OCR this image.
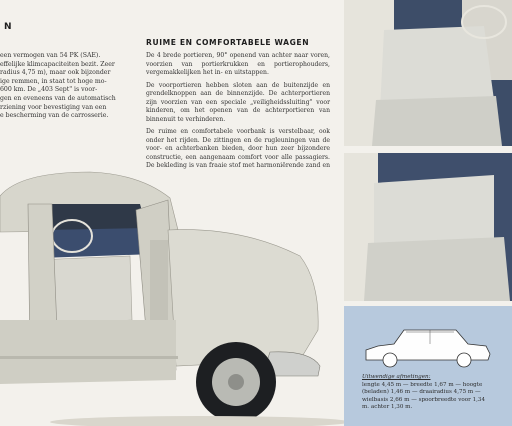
N
een vermogen van 54 PK (SAE).
effelijke klimcapaciteiten bezit. Zeer
radius 4,75 m), maar ook bijzonder
ige remmen, in staat tot hoge mo-
600 km. De „403 Sept" is voor-
gen en eveneens van de automatisch
rziening voor bevestiging van een
e bescherming van de carrosserie.
RUIME EN COMFORTABELE WAGEN

De 4 brede portieren, 90° openend van achter naar voren, voorzien van portierkrukken en portierophouders, vergemakkelijken het in- en uitstappen.

De voorportieren hebben sloten aan de buitenzijde en grendelknoppen aan de binnenzijde. De achterportieren zijn voorzien van een speciale „veiligheidssluiting" voor kinderen, om het openen van de achterportieren van binnenuit te verhinderen.

De ruime en comfortabele voorbank is verstelbaar, ook onder het rijden. De zittingen en de rugleuningen van de voor- en achterbanken bieden, door hun zeer bijzondere constructie, een aangenaam comfort voor alle passagiers. De bekleding is van fraaie stof met harmoniërende zand en

Uitwendige afmetingen:
lengte 4,45 m — breedte 1,67 m — hoogte
(beladen) 1,46 m — draairadius 4,75 m —
wielbasis 2,66 m — spoorbreedte voor 1,34
m. achter 1,30 m.
